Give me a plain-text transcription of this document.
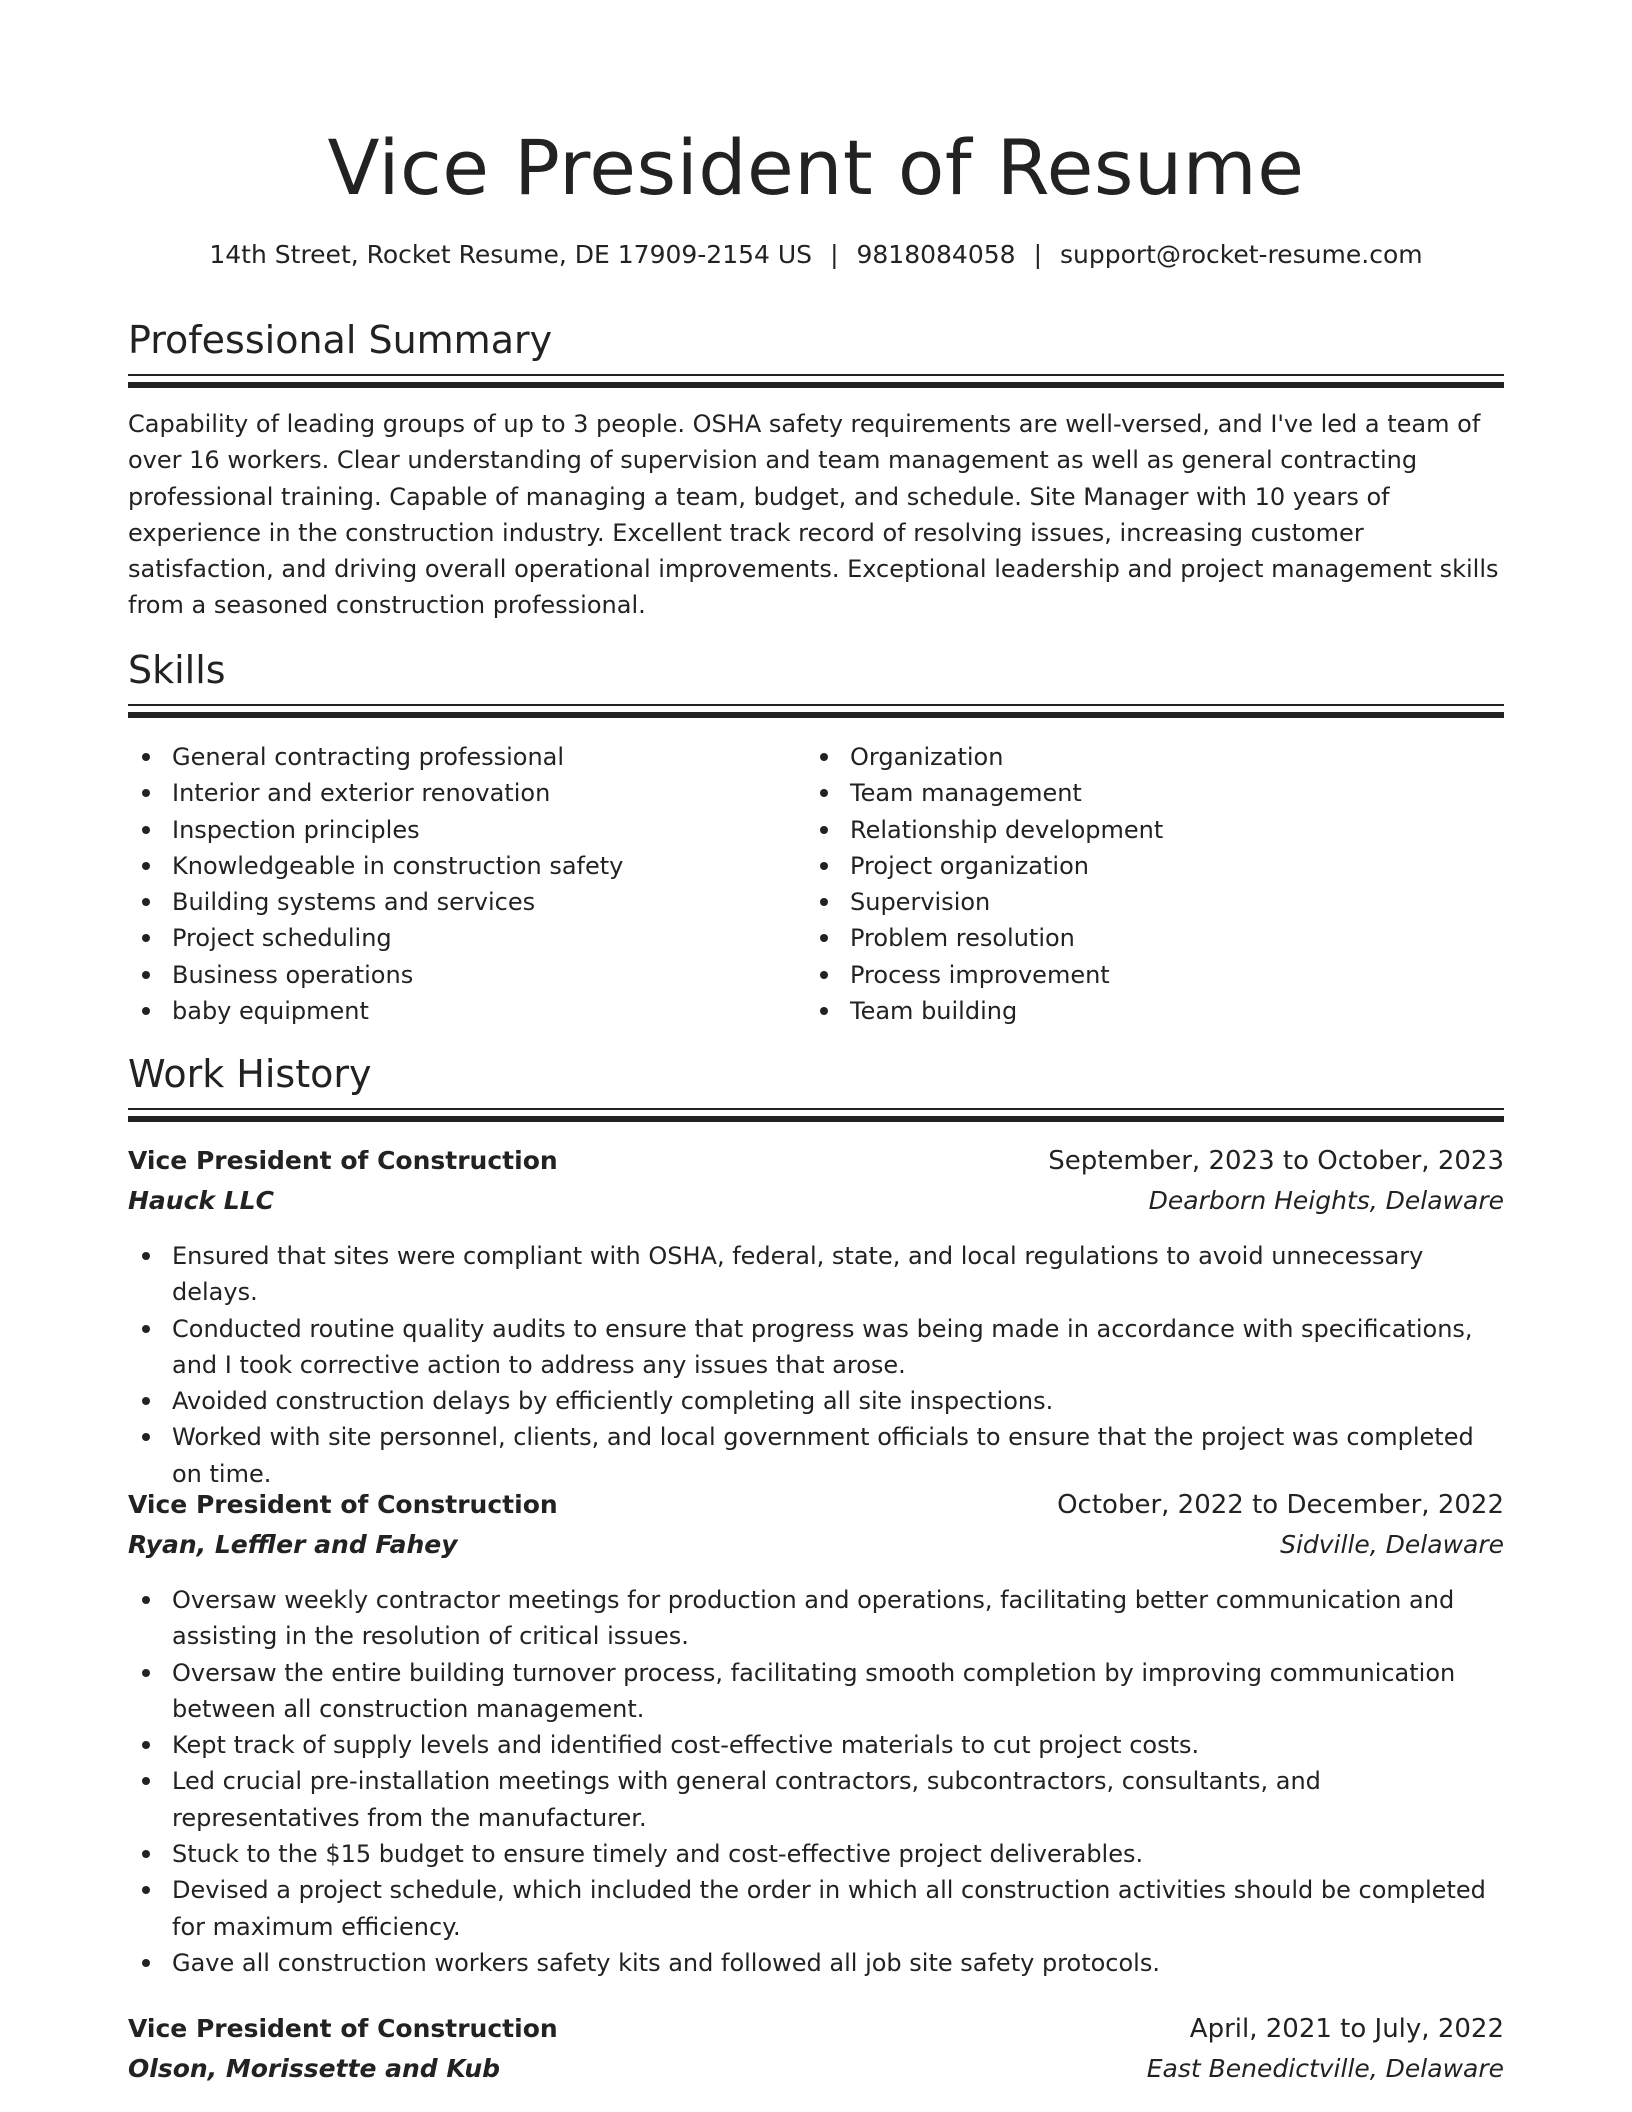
Vice President of Resume
14th Street, Rocket Resume, DE 17909-2154 US | 9818084058 | support@rocket-resume.com
Professional Summary

Capability of leading groups of up to 3 people. OSHA safety requirements are well-versed, and I've led a team of over 16 workers. Clear understanding of supervision and team management as well as general contracting professional training. Capable of managing a team, budget, and schedule. Site Manager with 10 years of experience in the construction industry. Excellent track record of resolving issues, increasing customer satisfaction, and driving overall operational improvements. Exceptional leadership and project management skills from a seasoned construction professional.

Skills
General contracting professional
Interior and exterior renovation
Inspection principles
Knowledgeable in construction safety
Building systems and services
Project scheduling
Business operations
baby equipment
Organization
Team management
Relationship development
Project organization
Supervision
Problem resolution
Process improvement
Team building
Work History
Vice President of Construction	September, 2023 to October, 2023
Hauck LLC	Dearborn Heights, Delaware
Ensured that sites were compliant with OSHA, federal, state, and local regulations to avoid unnecessary delays.
Conducted routine quality audits to ensure that progress was being made in accordance with specifications, and I took corrective action to address any issues that arose.
Avoided construction delays by efficiently completing all site inspections.
Worked with site personnel, clients, and local government officials to ensure that the project was completed on time.
Vice President of Construction	October, 2022 to December, 2022
Ryan, Leffler and Fahey	Sidville, Delaware
Oversaw weekly contractor meetings for production and operations, facilitating better communication and assisting in the resolution of critical issues.
Oversaw the entire building turnover process, facilitating smooth completion by improving communication between all construction management.
Kept track of supply levels and identified cost-effective materials to cut project costs.
Led crucial pre-installation meetings with general contractors, subcontractors, consultants, and representatives from the manufacturer.
Stuck to the $15 budget to ensure timely and cost-effective project deliverables.
Devised a project schedule, which included the order in which all construction activities should be completed for maximum efficiency.
Gave all construction workers safety kits and followed all job site safety protocols.
Vice President of Construction	April, 2021 to July, 2022
Olson, Morissette and Kub	East Benedictville, Delaware
